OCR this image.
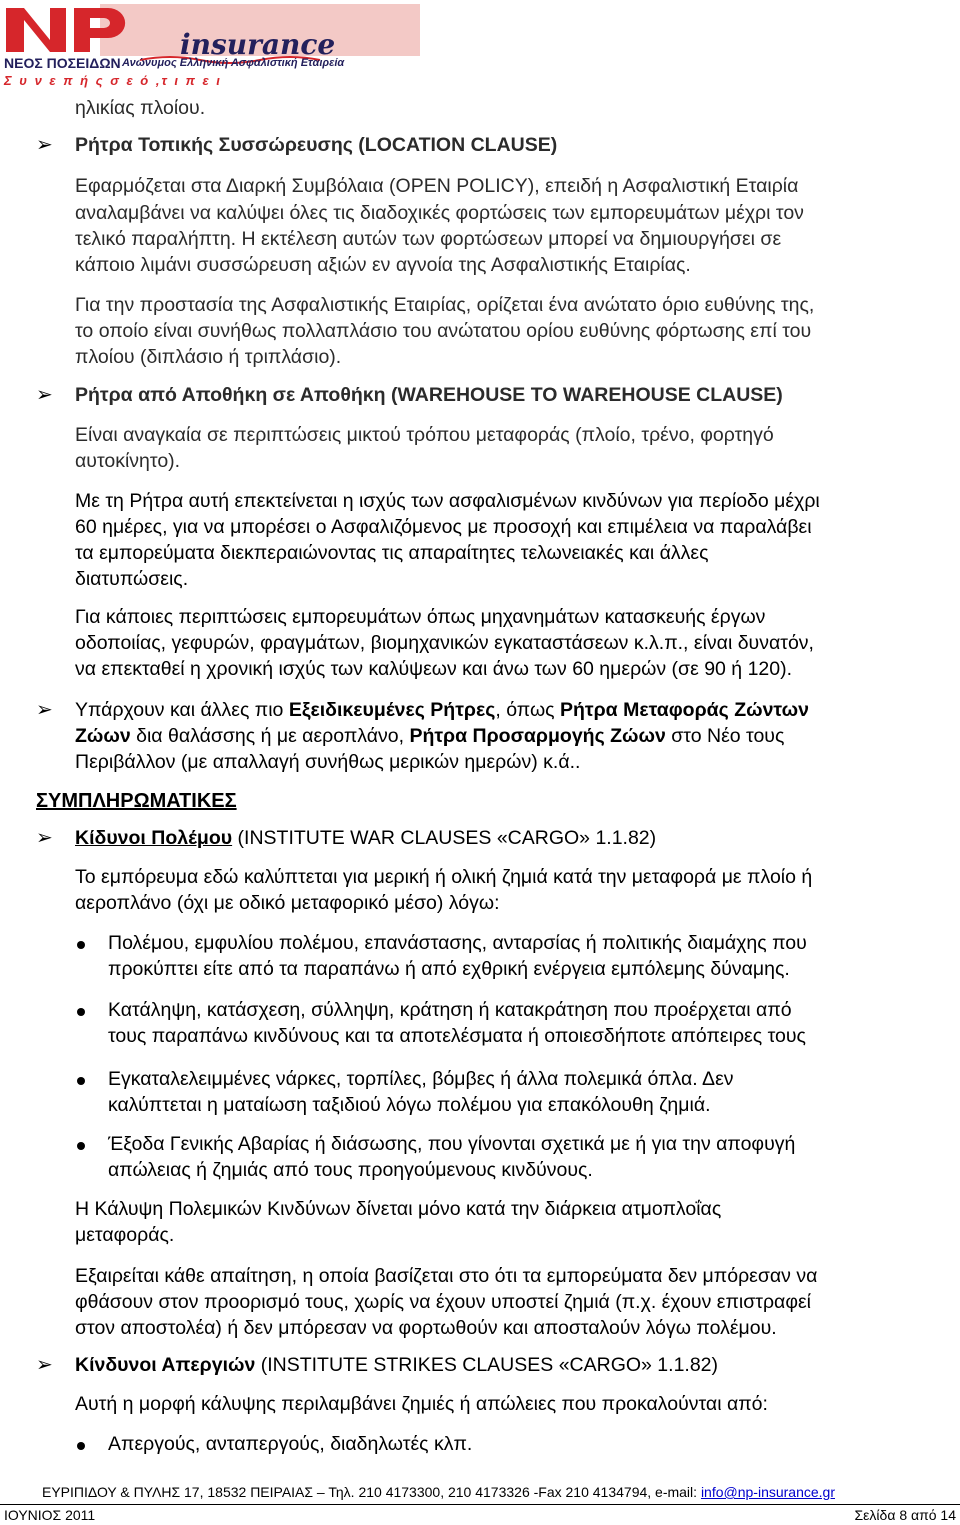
insurance
ΝΕΟΣ ΠΟΣΕΙΔΩΝ Ανώνυμος Ελληνική Ασφαλιστική Εταιρεία
Σ υ ν ε π ή ς σ ε ό ,τ ι π ε ι
ηλικίας πλοίου.
➢ Ρήτρα Τοπικής Συσσώρευσης (LOCATION CLAUSE)
Εφαρμόζεται στα Διαρκή Συμβόλαια (OPEN POLICY), επειδή η Ασφαλιστική Εταιρία
αναλαμβάνει να καλύψει όλες τις διαδοχικές φορτώσεις των εμπορευμάτων μέχρι τον
τελικό παραλήπτη. Η εκτέλεση αυτών των φορτώσεων μπορεί να δημιουργήσει σε
κάποιο λιμάνι συσσώρευση αξιών εν αγνοία της Ασφαλιστικής Εταιρίας.
Για την προστασία της Ασφαλιστικής Εταιρίας, ορίζεται ένα ανώτατο όριο ευθύνης της,
το οποίο είναι συνήθως πολλαπλάσιο του ανώτατου ορίου ευθύνης φόρτωσης επί του
πλοίου (διπλάσιο ή τριπλάσιο).
➢ Ρήτρα από Αποθήκη σε Αποθήκη (WAREHOUSE TO WAREHOUSE CLAUSE)
Είναι αναγκαία σε περιπτώσεις μικτού τρόπου μεταφοράς (πλοίο, τρένο, φορτηγό
αυτοκίνητο).
Με τη Ρήτρα αυτή επεκτείνεται η ισχύς των ασφαλισμένων κινδύνων για περίοδο μέχρι
60 ημέρες, για να μπορέσει ο Ασφαλιζόμενος με προσοχή και επιμέλεια να παραλάβει
τα εμπορεύματα διεκπεραιώνοντας τις απαραίτητες τελωνειακές και άλλες
διατυπώσεις.
Για κάποιες περιπτώσεις εμπορευμάτων όπως μηχανημάτων κατασκευής έργων
οδοποιίας, γεφυρών, φραγμάτων, βιομηχανικών εγκαταστάσεων κ.λ.π., είναι δυνατόν,
να επεκταθεί η χρονική ισχύς των καλύψεων και άνω των 60 ημερών (σε 90 ή 120).
➢ Υπάρχουν και άλλες πιο Εξειδικευμένες Ρήτρες, όπως Ρήτρα Μεταφοράς Ζώντων
Ζώων δια θαλάσσης ή με αεροπλάνο, Ρήτρα Προσαρμογής Ζώων στο Νέο τους
Περιβάλλον (με απαλλαγή συνήθως μερικών ημερών) κ.ά..
ΣΥΜΠΛΗΡΩΜΑΤΙΚΕΣ
➢ Κίδυνοι Πολέμου (INSTITUTE WAR CLAUSES «CARGO» 1.1.82)
Το εμπόρευμα εδώ καλύπτεται για μερική ή ολική ζημιά κατά την μεταφορά με πλοίο ή
αεροπλάνο (όχι με οδικό μεταφορικό μέσο) λόγω:
Πολέμου, εμφυλίου πολέμου, επανάστασης, ανταρσίας ή πολιτικής διαμάχης που
προκύπτει είτε από τα παραπάνω ή από εχθρική ενέργεια εμπόλεμης δύναμης.
Κατάληψη, κατάσχεση, σύλληψη, κράτηση ή κατακράτηση που προέρχεται από
τους παραπάνω κινδύνους και τα αποτελέσματα ή οποιεσδήποτε απόπειρες τους
Εγκαταλελειμμένες νάρκες, τορπίλες, βόμβες ή άλλα πολεμικά όπλα. Δεν
καλύπτεται η ματαίωση ταξιδιού λόγω πολέμου για επακόλουθη ζημιά.
Έξοδα Γενικής Αβαρίας ή διάσωσης, που γίνονται σχετικά με ή για την αποφυγή
απώλειας ή ζημιάς από τους προηγούμενους κινδύνους.
Η Κάλυψη Πολεμικών Κινδύνων δίνεται μόνο κατά την διάρκεια ατμοπλοΐας
μεταφοράς.
Εξαιρείται κάθε απαίτηση, η οποία βασίζεται στο ότι τα εμπορεύματα δεν μπόρεσαν να
φθάσουν στον προορισμό τους, χωρίς να έχουν υποστεί ζημιά (π.χ. έχουν επιστραφεί
στον αποστολέα) ή δεν μπόρεσαν να φορτωθούν και αποσταλούν λόγω πολέμου.
➢ Κίνδυνοι Απεργιών (INSTITUTE STRIKES CLAUSES «CARGO» 1.1.82)
Αυτή η μορφή κάλυψης περιλαμβάνει ζημιές ή απώλειες που προκαλούνται από:
Απεργούς, ανταπεργούς, διαδηλωτές κλπ.
ΕΥΡΙΠΙΔΟΥ & ΠΥΛΗΣ 17, 18532 ΠΕΙΡΑΙΑΣ – Τηλ. 210 4173300, 210 4173326 -Fax 210 4134794, e-mail: info@np-insurance.gr
ΙΟΥΝΙΟΣ 2011	Σελίδα 8 από 14
